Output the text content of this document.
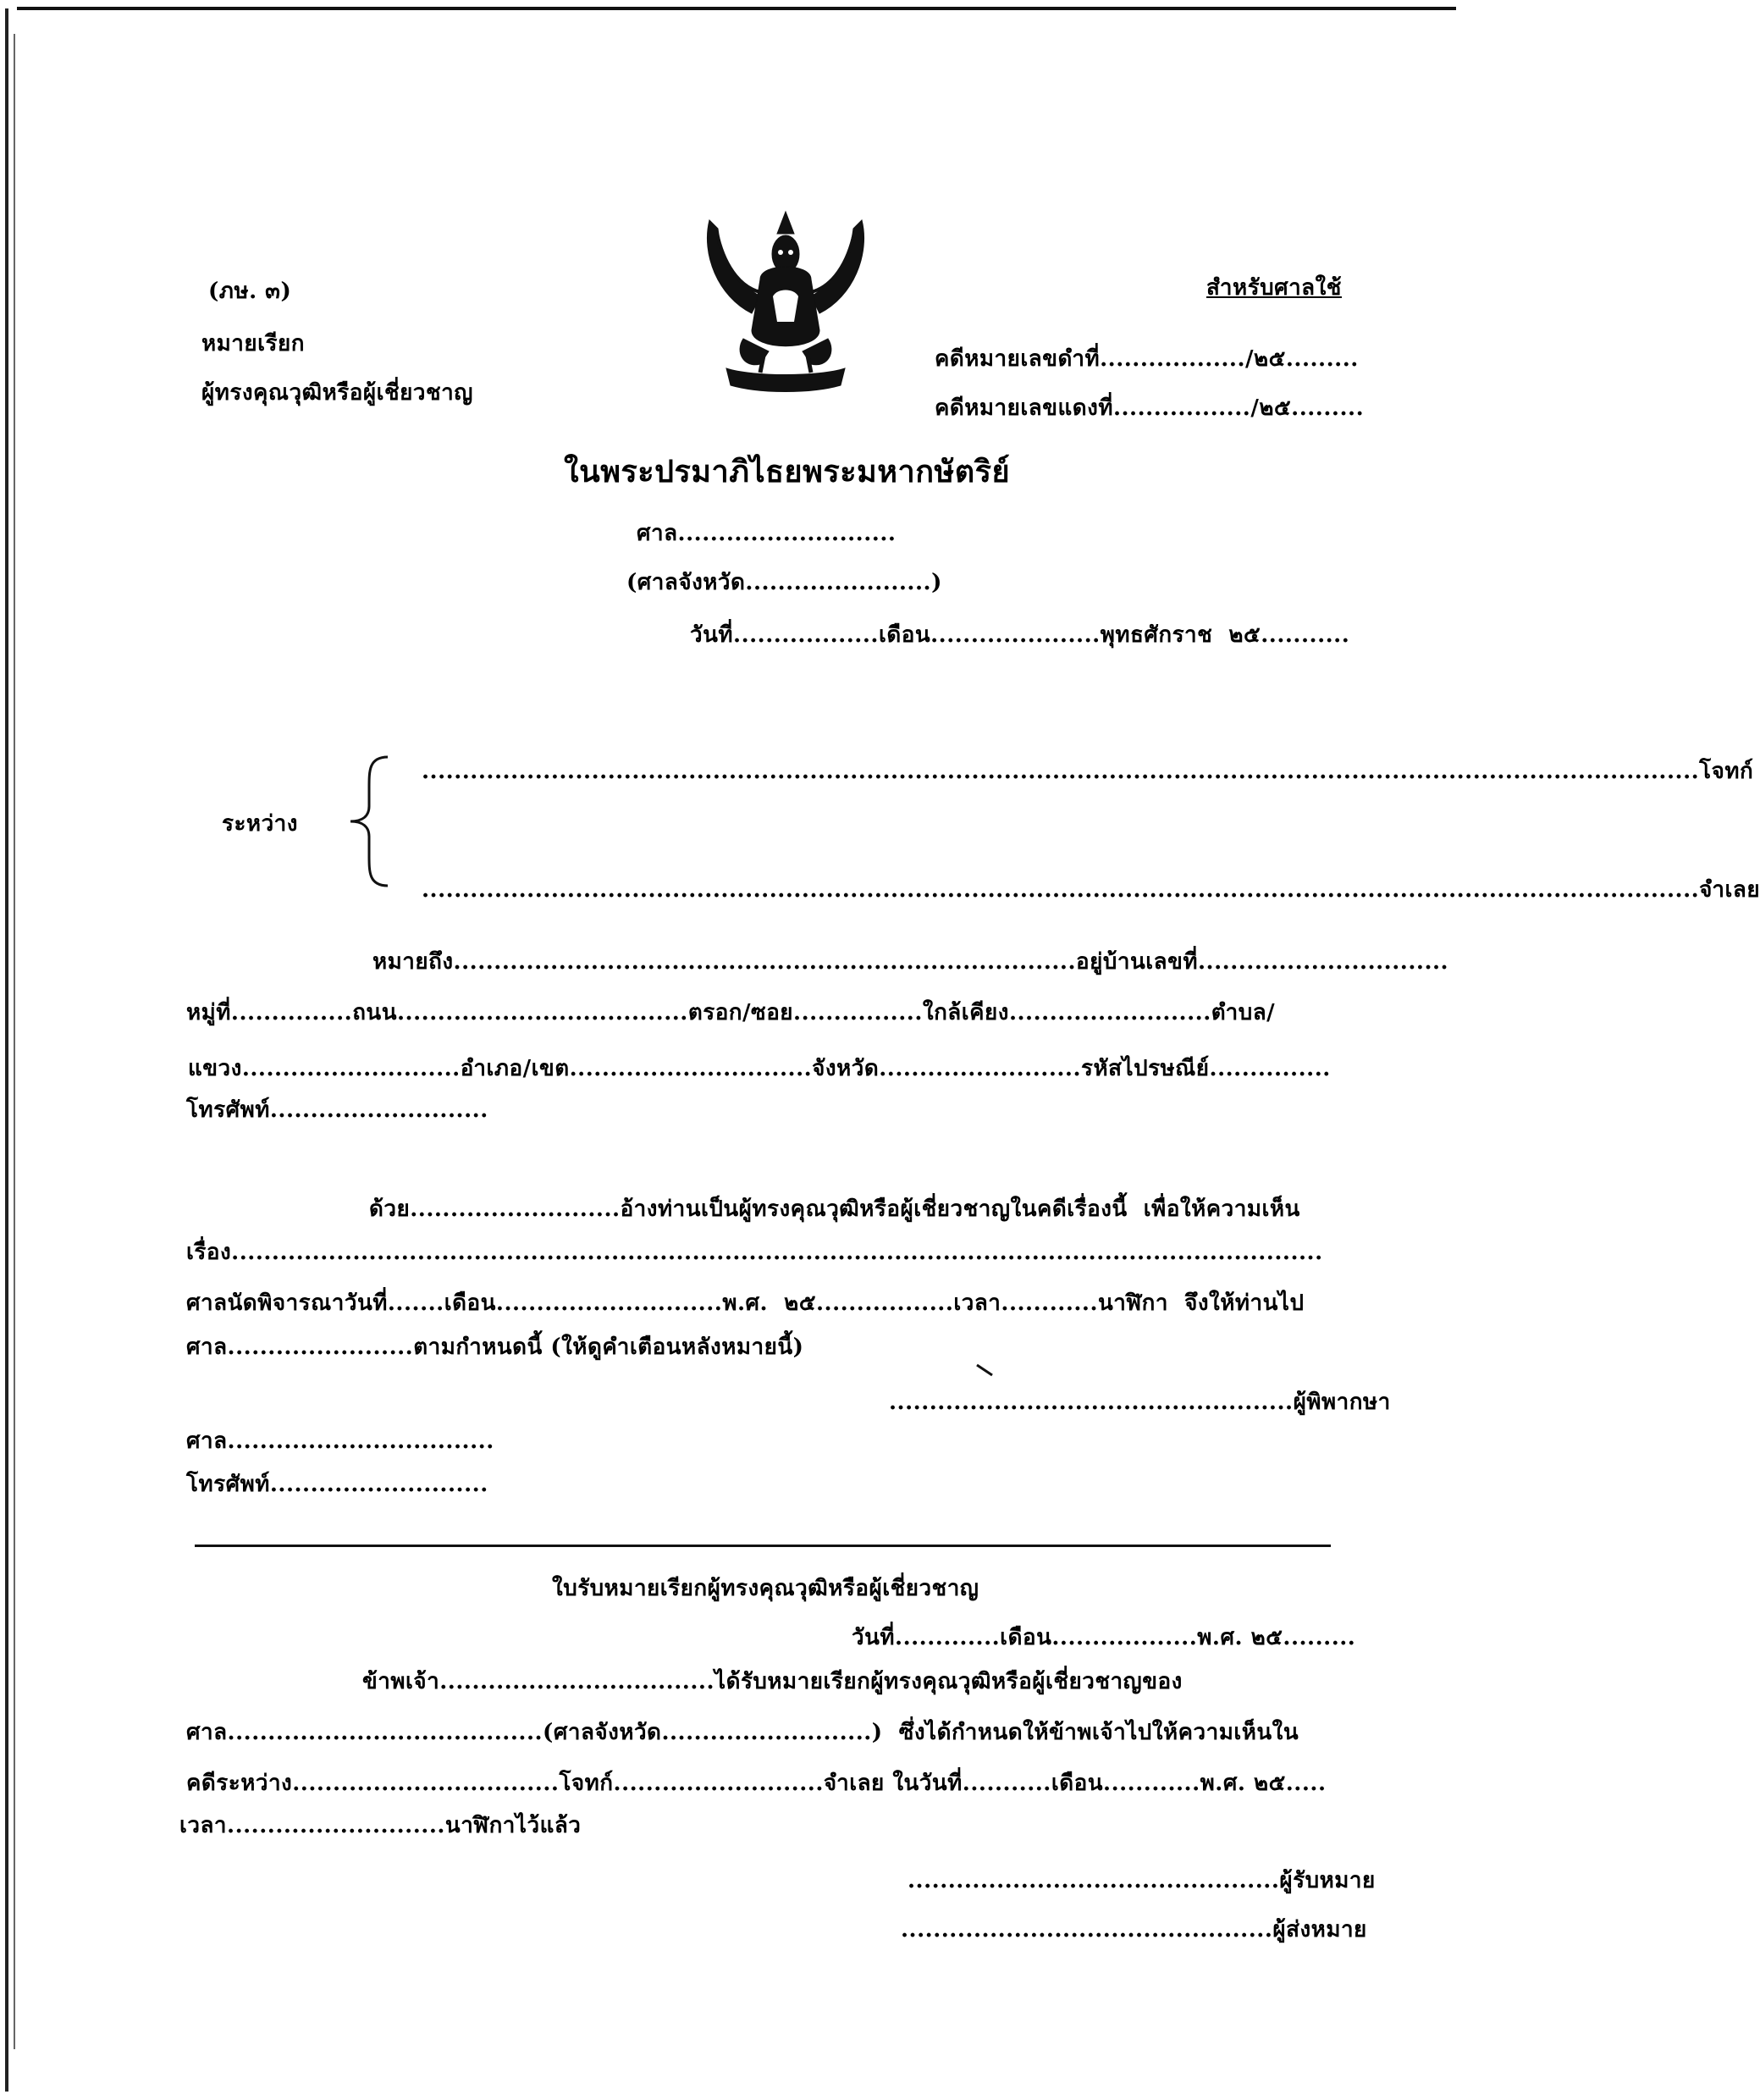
(ภษ. ๓)
หมายเรียก
ผู้ทรงคุณวุฒิหรือผู้เชี่ยวชาญ
สำหรับศาลใช้
คดีหมายเลขดำที่................../๒๕.........
คดีหมายเลขแดงที่................./๒๕.........
ในพระปรมาภิไธยพระมหากษัตริย์
ศาล...........................
(ศาลจังหวัด.......................)
วันที่..................เดือน.....................พุทธศักราช  ๒๕...........
ระหว่าง
..............................................................................................................................................................โจทก์
..............................................................................................................................................................จำเลย
หมายถึง.............................................................................อยู่บ้านเลขที่...............................
หมู่ที่...............ถนน....................................ตรอก/ซอย................ใกล้เคียง.........................ตำบล/
แขวง...........................อำเภอ/เขต..............................จังหวัด.........................รหัสไปรษณีย์...............
โทรศัพท์...........................
ด้วย..........................อ้างท่านเป็นผู้ทรงคุณวุฒิหรือผู้เชี่ยวชาญในคดีเรื่องนี้  เพื่อให้ความเห็น
เรื่อง.......................................................................................................................................
ศาลนัดพิจารณาวันที่.......เดือน............................พ.ศ.  ๒๕.................เวลา............นาฬิกา  จึงให้ท่านไป
ศาล.......................ตามกำหนดนี้ (ให้ดูคำเตือนหลังหมายนี้)
..................................................ผู้พิพากษา
ศาล.................................
โทรศัพท์...........................
ใบรับหมายเรียกผู้ทรงคุณวุฒิหรือผู้เชี่ยวชาญ
วันที่.............เดือน..................พ.ศ. ๒๕.........
ข้าพเจ้า..................................ได้รับหมายเรียกผู้ทรงคุณวุฒิหรือผู้เชี่ยวชาญของ
ศาล.......................................(ศาลจังหวัด..........................)  ซึ่งได้กำหนดให้ข้าพเจ้าไปให้ความเห็นใน
คดีระหว่าง.................................โจทก์..........................จำเลย ในวันที่...........เดือน............พ.ศ. ๒๕.....
เวลา...........................นาฬิกาไว้แล้ว
..............................................ผู้รับหมาย
..............................................ผู้ส่งหมาย
